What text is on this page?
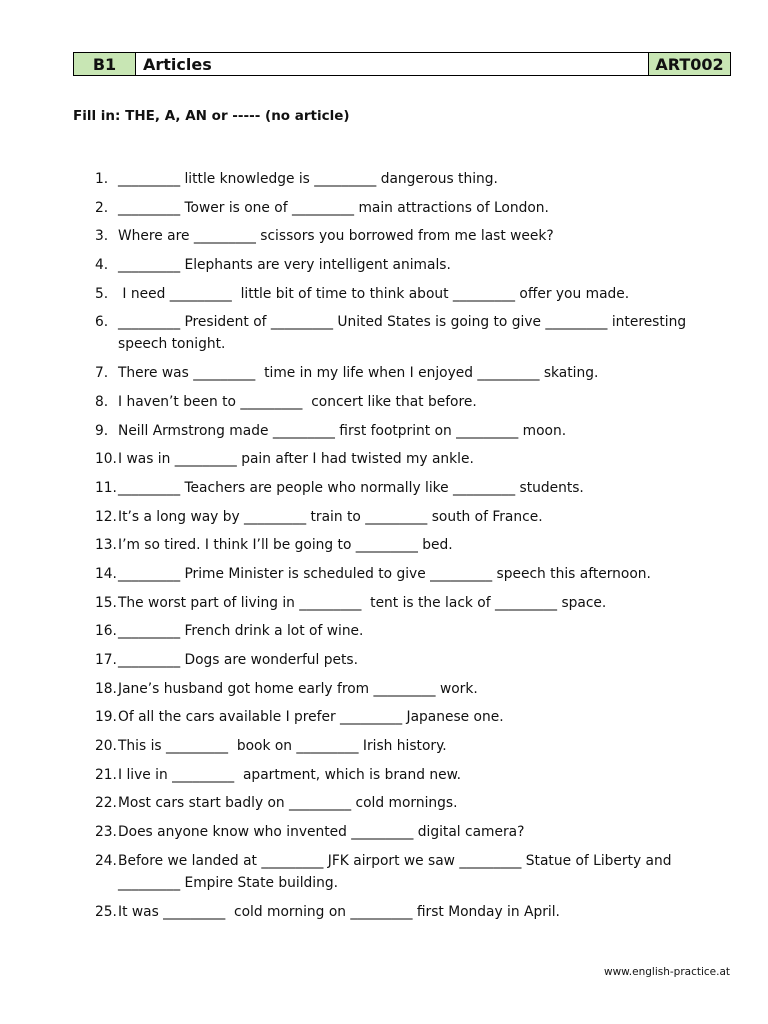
B1	Articles	ART002
Fill in: THE, A, AN or ----- (no article)
1. _________ little knowledge is _________ dangerous thing.
2. _________ Tower is one of _________ main attractions of London.
3. Where are _________ scissors you borrowed from me last week?
4. _________ Elephants are very intelligent animals.
5. I need _________  little bit of time to think about _________ offer you made.
6. _________ President of _________ United States is going to give _________ interesting speech tonight.
7. There was _________  time in my life when I enjoyed _________ skating.
8. I haven’t been to _________  concert like that before.
9. Neill Armstrong made _________ first footprint on _________ moon.
10. I was in _________ pain after I had twisted my ankle.
11. _________ Teachers are people who normally like _________ students.
12. It’s a long way by _________ train to _________ south of France.
13. I’m so tired. I think I’ll be going to _________ bed.
14. _________ Prime Minister is scheduled to give _________ speech this afternoon.
15. The worst part of living in _________  tent is the lack of _________ space.
16. _________ French drink a lot of wine.
17. _________ Dogs are wonderful pets.
18. Jane’s husband got home early from _________ work.
19. Of all the cars available I prefer _________ Japanese one.
20. This is _________  book on _________ Irish history.
21. I live in _________  apartment, which is brand new.
22. Most cars start badly on _________ cold mornings.
23. Does anyone know who invented _________ digital camera?
24. Before we landed at _________ JFK airport we saw _________ Statue of Liberty and _________ Empire State building.
25. It was _________  cold morning on _________ first Monday in April.
www.english-practice.at
